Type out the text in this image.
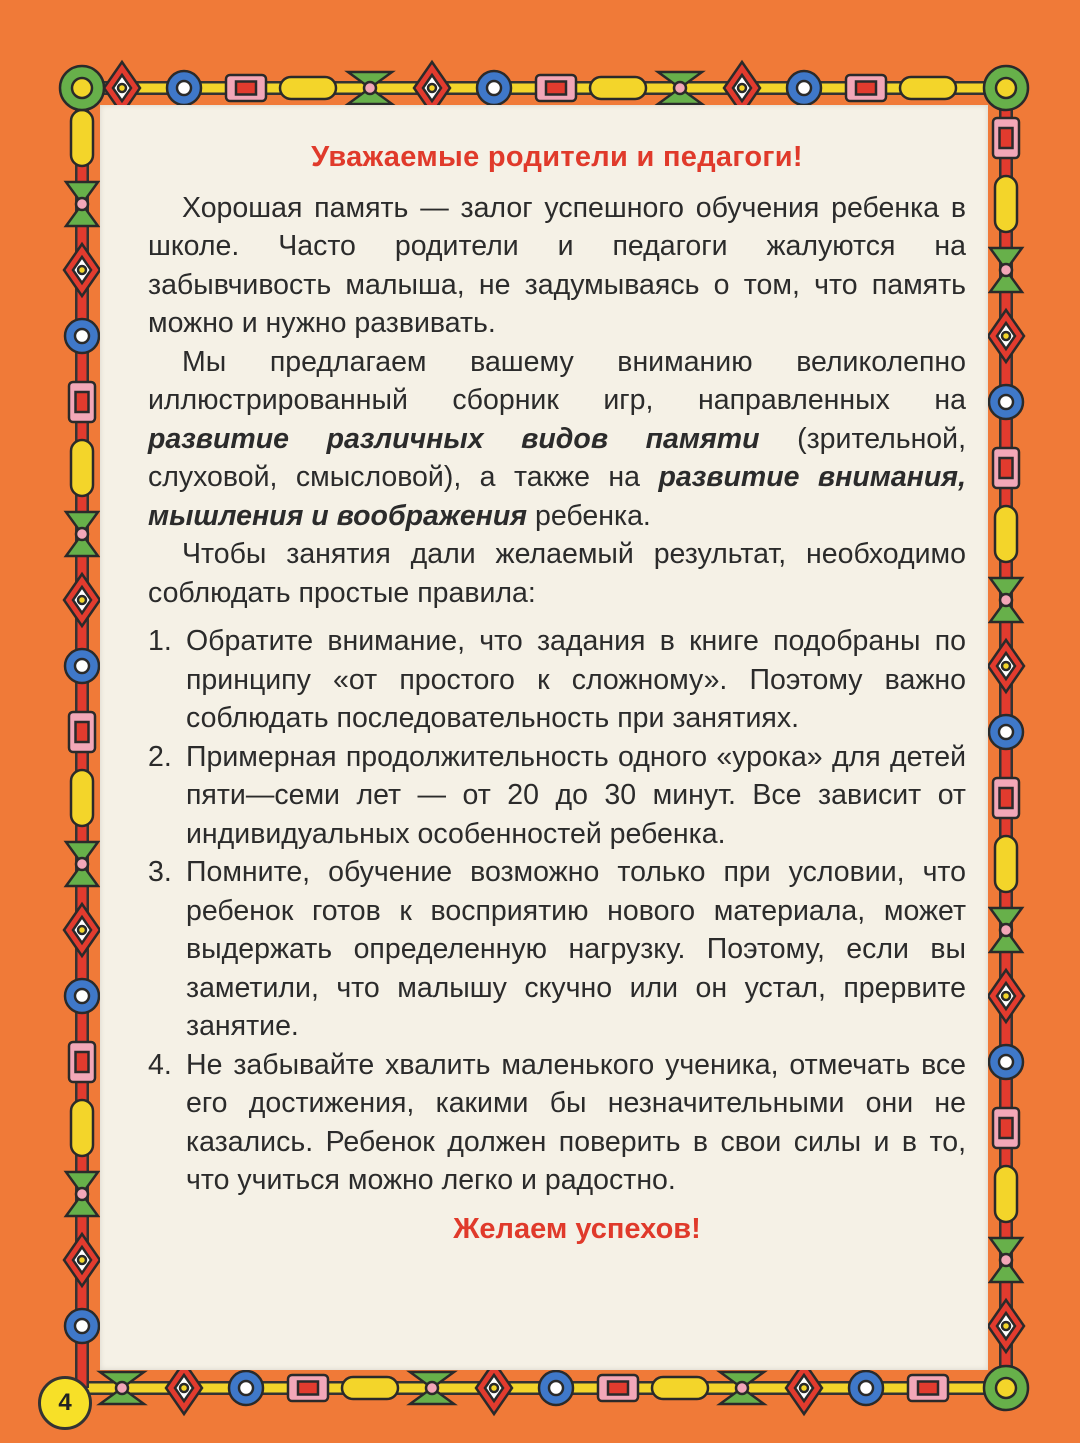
Уважаемые родители и педагоги!

Хорошая память — залог успешного обучения ребенка в школе. Часто родители и педагоги жалуются на забывчивость малыша, не задумываясь о том, что память можно и нужно развивать.

Мы предлагаем вашему вниманию великолепно иллюстрированный сборник игр, направленных на развитие различных видов памяти (зрительной, слуховой, смысловой), а также на развитие внимания, мышления и воображения ребенка.

Чтобы занятия дали желаемый результат, необходимо соблюдать простые правила:

1. Обратите внимание, что задания в книге подобраны по принципу «от простого к сложному». Поэтому важно соблюдать последовательность при занятиях.
2. Примерная продолжительность одного «урока» для детей пяти—семи лет — от 20 до 30 минут. Все зависит от индивидуальных особенностей ребенка.
3. Помните, обучение возможно только при условии, что ребенок готов к восприятию нового материала, может выдержать определенную нагрузку. Поэтому, если вы заметили, что малышу скучно или он устал, прервите занятие.
4. Не забывайте хвалить маленького ученика, отмечать все его достижения, какими бы незначительными они не казались. Ребенок должен поверить в свои силы и в то, что учиться можно легко и радостно.
Желаем успехов!
4
